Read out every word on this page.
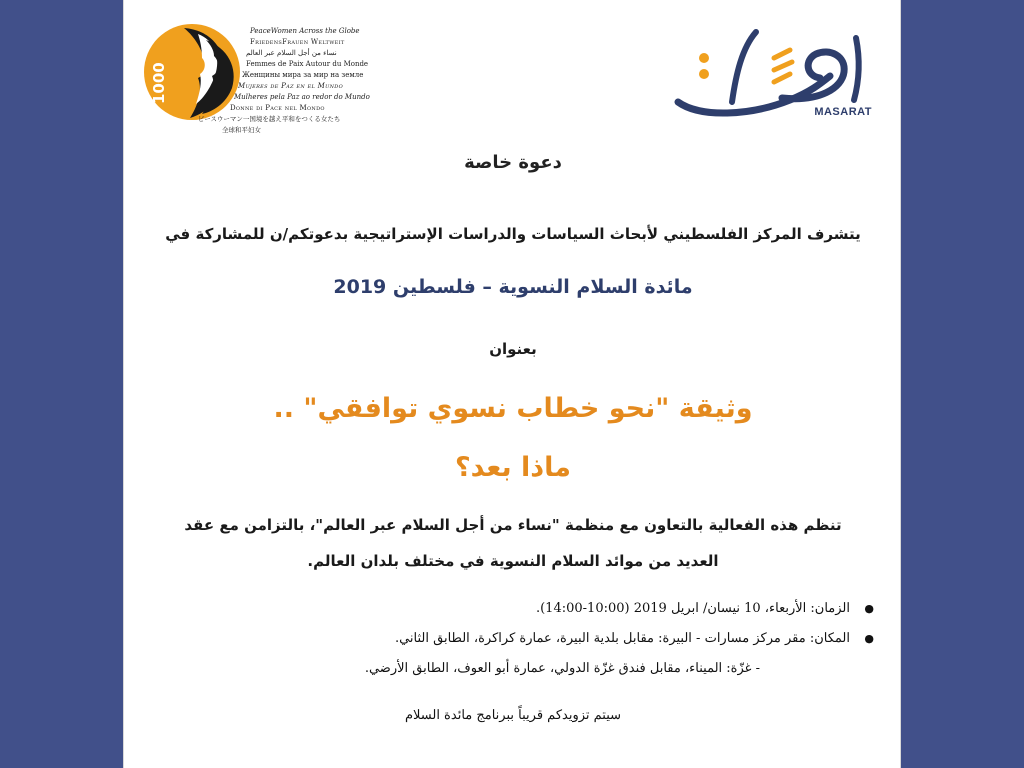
1000
PeaceWomen Across the Globe
FriedensFrauen Weltweit
نساء من أجل السلام عبر العالم
Femmes de Paix Autour du Monde
Женщины мира за мир на земле
Mujeres de Paz en el Mundo
Mulheres pela Paz ao redor do Mundo
Donne di Pace nel Mondo
ピースウーマン一国境を越え平和をつくる女たち
全球和平妇女
MASARAT
دعوة خاصة
يتشرف المركز الفلسطيني لأبحاث السياسات والدراسات الإستراتيجية بدعوتكم/ن للمشاركة في
مائدة السلام النسوية – فلسطين 2019
بعنوان
وثيقة "نحو خطاب نسوي توافقي" ..
ماذا بعد؟
تنظم هذه الفعالية بالتعاون مع منظمة "نساء من أجل السلام عبر العالم"، بالتزامن مع عقد
العديد من موائد السلام النسوية في مختلف بلدان العالم.
●
الزمان: الأربعاء، 10 نيسان/ ابريل 2019 (10:00-14:00).
●
المكان: مقر مركز مسارات - البيرة: مقابل بلدية البيرة، عمارة كراكرة، الطابق الثاني.
- غزّة: الميناء، مقابل فندق غزّة الدولي، عمارة أبو العوف، الطابق الأرضي.
سيتم تزويدكم قريباً ببرنامج مائدة السلام
